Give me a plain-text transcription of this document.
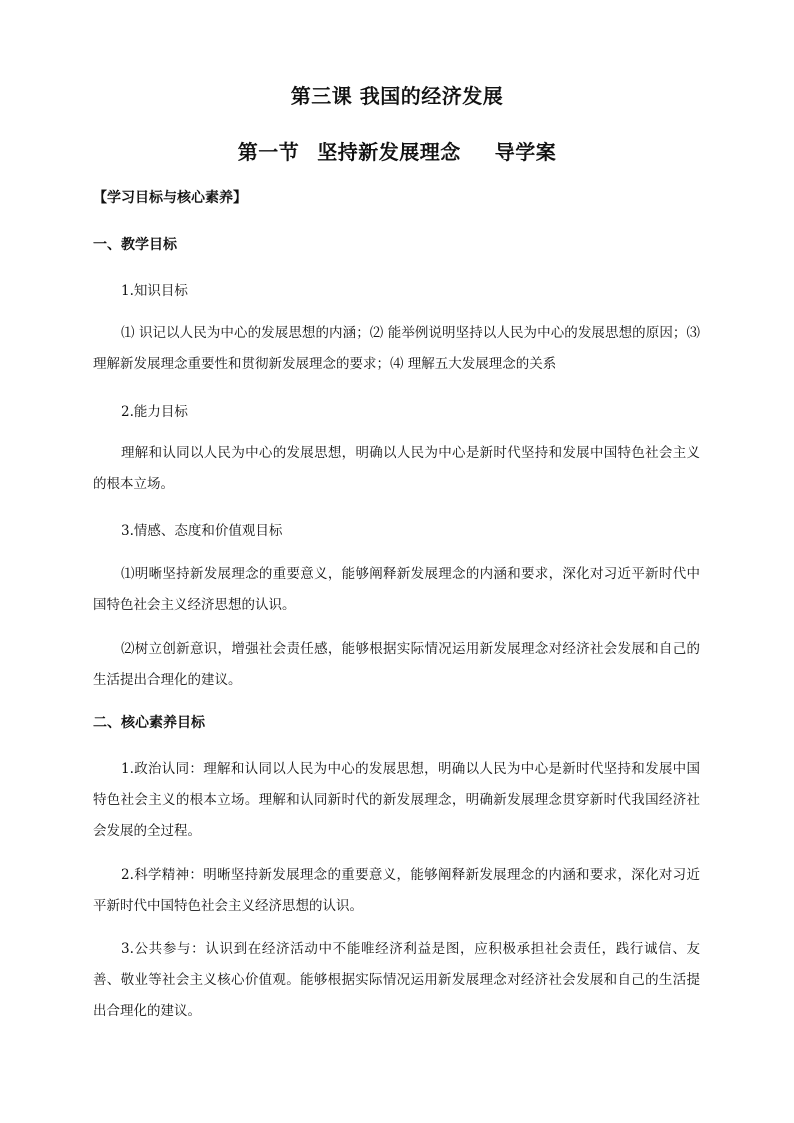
第三课 我国的经济发展
第一节 坚持新发展理念 导学案

【学习目标与核心素养】

一、教学目标

1.知识目标

⑴ 识记以人民为中心的发展思想的内涵；⑵ 能举例说明坚持以人民为中心的发展思想的原因；⑶ 理解新发展理念重要性和贯彻新发展理念的要求；⑷ 理解五大发展理念的关系

2.能力目标

理解和认同以人民为中心的发展思想，明确以人民为中心是新时代坚持和发展中国特色社会主义的根本立场。

3.情感、态度和价值观目标

⑴明晰坚持新发展理念的重要意义，能够阐释新发展理念的内涵和要求，深化对习近平新时代中国特色社会主义经济思想的认识。

⑵树立创新意识，增强社会责任感，能够根据实际情况运用新发展理念对经济社会发展和自己的生活提出合理化的建议。

二、核心素养目标

1.政治认同：理解和认同以人民为中心的发展思想，明确以人民为中心是新时代坚持和发展中国特色社会主义的根本立场。理解和认同新时代的新发展理念，明确新发展理念贯穿新时代我国经济社会发展的全过程。

2.科学精神：明晰坚持新发展理念的重要意义，能够阐释新发展理念的内涵和要求，深化对习近平新时代中国特色社会主义经济思想的认识。

3.公共参与：认识到在经济活动中不能唯经济利益是图，应积极承担社会责任，践行诚信、友善、敬业等社会主义核心价值观。能够根据实际情况运用新发展理念对经济社会发展和自己的生活提出合理化的建议。
